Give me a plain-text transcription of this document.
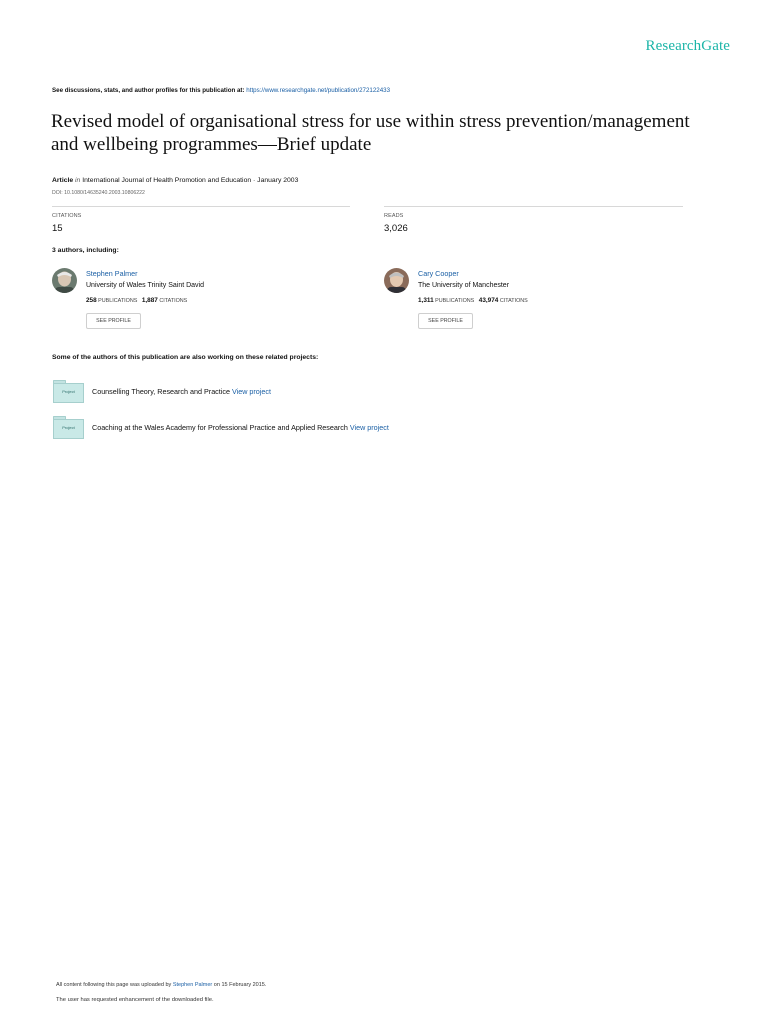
ResearchGate
See discussions, stats, and author profiles for this publication at: https://www.researchgate.net/publication/272122433
Revised model of organisational stress for use within stress prevention/management and wellbeing programmes—Brief update
Article in International Journal of Health Promotion and Education · January 2003
DOI: 10.1080/14635240.2003.10806222
CITATIONS
15
READS
3,026
3 authors, including:
Stephen Palmer
University of Wales Trinity Saint David
258 PUBLICATIONS 1,887 CITATIONS
SEE PROFILE
Cary Cooper
The University of Manchester
1,311 PUBLICATIONS 43,974 CITATIONS
SEE PROFILE
Some of the authors of this publication are also working on these related projects:
Project	Counselling Theory, Research and Practice View project
Project	Coaching at the Wales Academy for Professional Practice and Applied Research View project
All content following this page was uploaded by Stephen Palmer on 15 February 2015.
The user has requested enhancement of the downloaded file.
